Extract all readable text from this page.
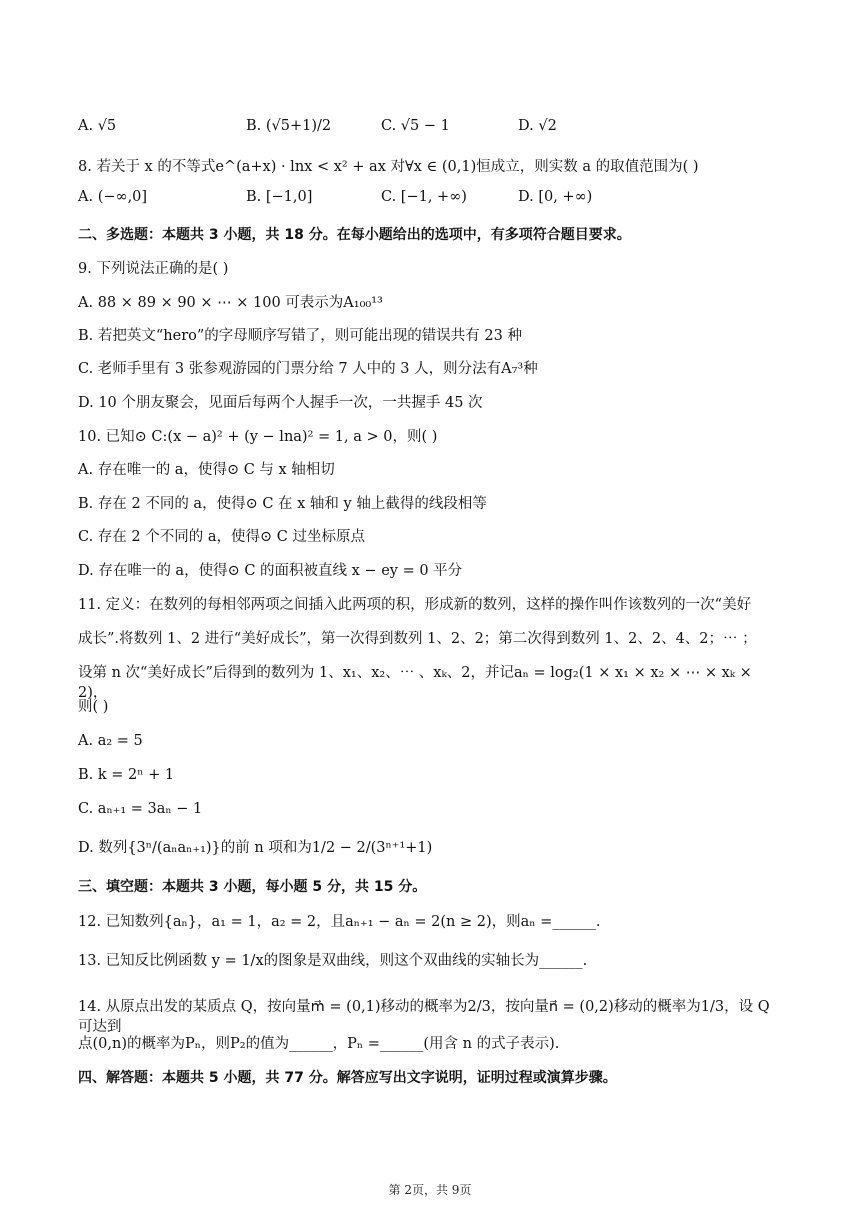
A. √5	B. (√5+1)/2	C. √5 − 1	D. √2
8. 若关于 x 的不等式e^(a+x) · lnx < x² + ax 对∀x ∈ (0,1)恒成立，则实数 a 的取值范围为( )
A. (−∞,0]	B. [−1,0]	C. [−1, +∞)	D. [0, +∞)
二、多选题：本题共 3 小题，共 18 分。在每小题给出的选项中，有多项符合题目要求。
9. 下列说法正确的是( )
A. 88 × 89 × 90 × ⋯ × 100 可表示为A₁₀₀¹³
B. 若把英文“hero”的字母顺序写错了，则可能出现的错误共有 23 种
C. 老师手里有 3 张参观游园的门票分给 7 人中的 3 人，则分法有A₇³种
D. 10 个朋友聚会，见面后每两个人握手一次，一共握手 45 次
10. 已知⊙ C:(x − a)² + (y − lna)² = 1, a > 0，则( )
A. 存在唯一的 a，使得⊙ C 与 x 轴相切
B. 存在 2 不同的 a，使得⊙ C 在 x 轴和 y 轴上截得的线段相等
C. 存在 2 个不同的 a，使得⊙ C 过坐标原点
D. 存在唯一的 a，使得⊙ C 的面积被直线 x − ey = 0 平分
11. 定义：在数列的每相邻两项之间插入此两项的积，形成新的数列，这样的操作叫作该数列的一次“美好
成长”.将数列 1、2 进行“美好成长”，第一次得到数列 1、2、2；第二次得到数列 1、2、2、4、2；⋯ ；
设第 n 次“美好成长”后得到的数列为 1、x₁、x₂、⋯ 、xₖ、2，并记aₙ = log₂(1 × x₁ × x₂ × ⋯ × xₖ × 2)，
则( )
A. a₂ = 5
B. k = 2ⁿ + 1
C. aₙ₊₁ = 3aₙ − 1
D. 数列{3ⁿ/(aₙaₙ₊₁)}的前 n 项和为1/2 − 2/(3ⁿ⁺¹+1)
三、填空题：本题共 3 小题，每小题 5 分，共 15 分。
12. 已知数列{aₙ}，a₁ = 1，a₂ = 2，且aₙ₊₁ − aₙ = 2(n ≥ 2)，则aₙ =______.
13. 已知反比例函数 y = 1/x的图象是双曲线，则这个双曲线的实轴长为______.
14. 从原点出发的某质点 Q，按向量m⃗ = (0,1)移动的概率为2/3，按向量n⃗ = (0,2)移动的概率为1/3，设 Q 可达到
点(0,n)的概率为Pₙ，则P₂的值为______，Pₙ =______(用含 n 的式子表示).
四、解答题：本题共 5 小题，共 77 分。解答应写出文字说明，证明过程或演算步骤。
第 2页，共 9页
